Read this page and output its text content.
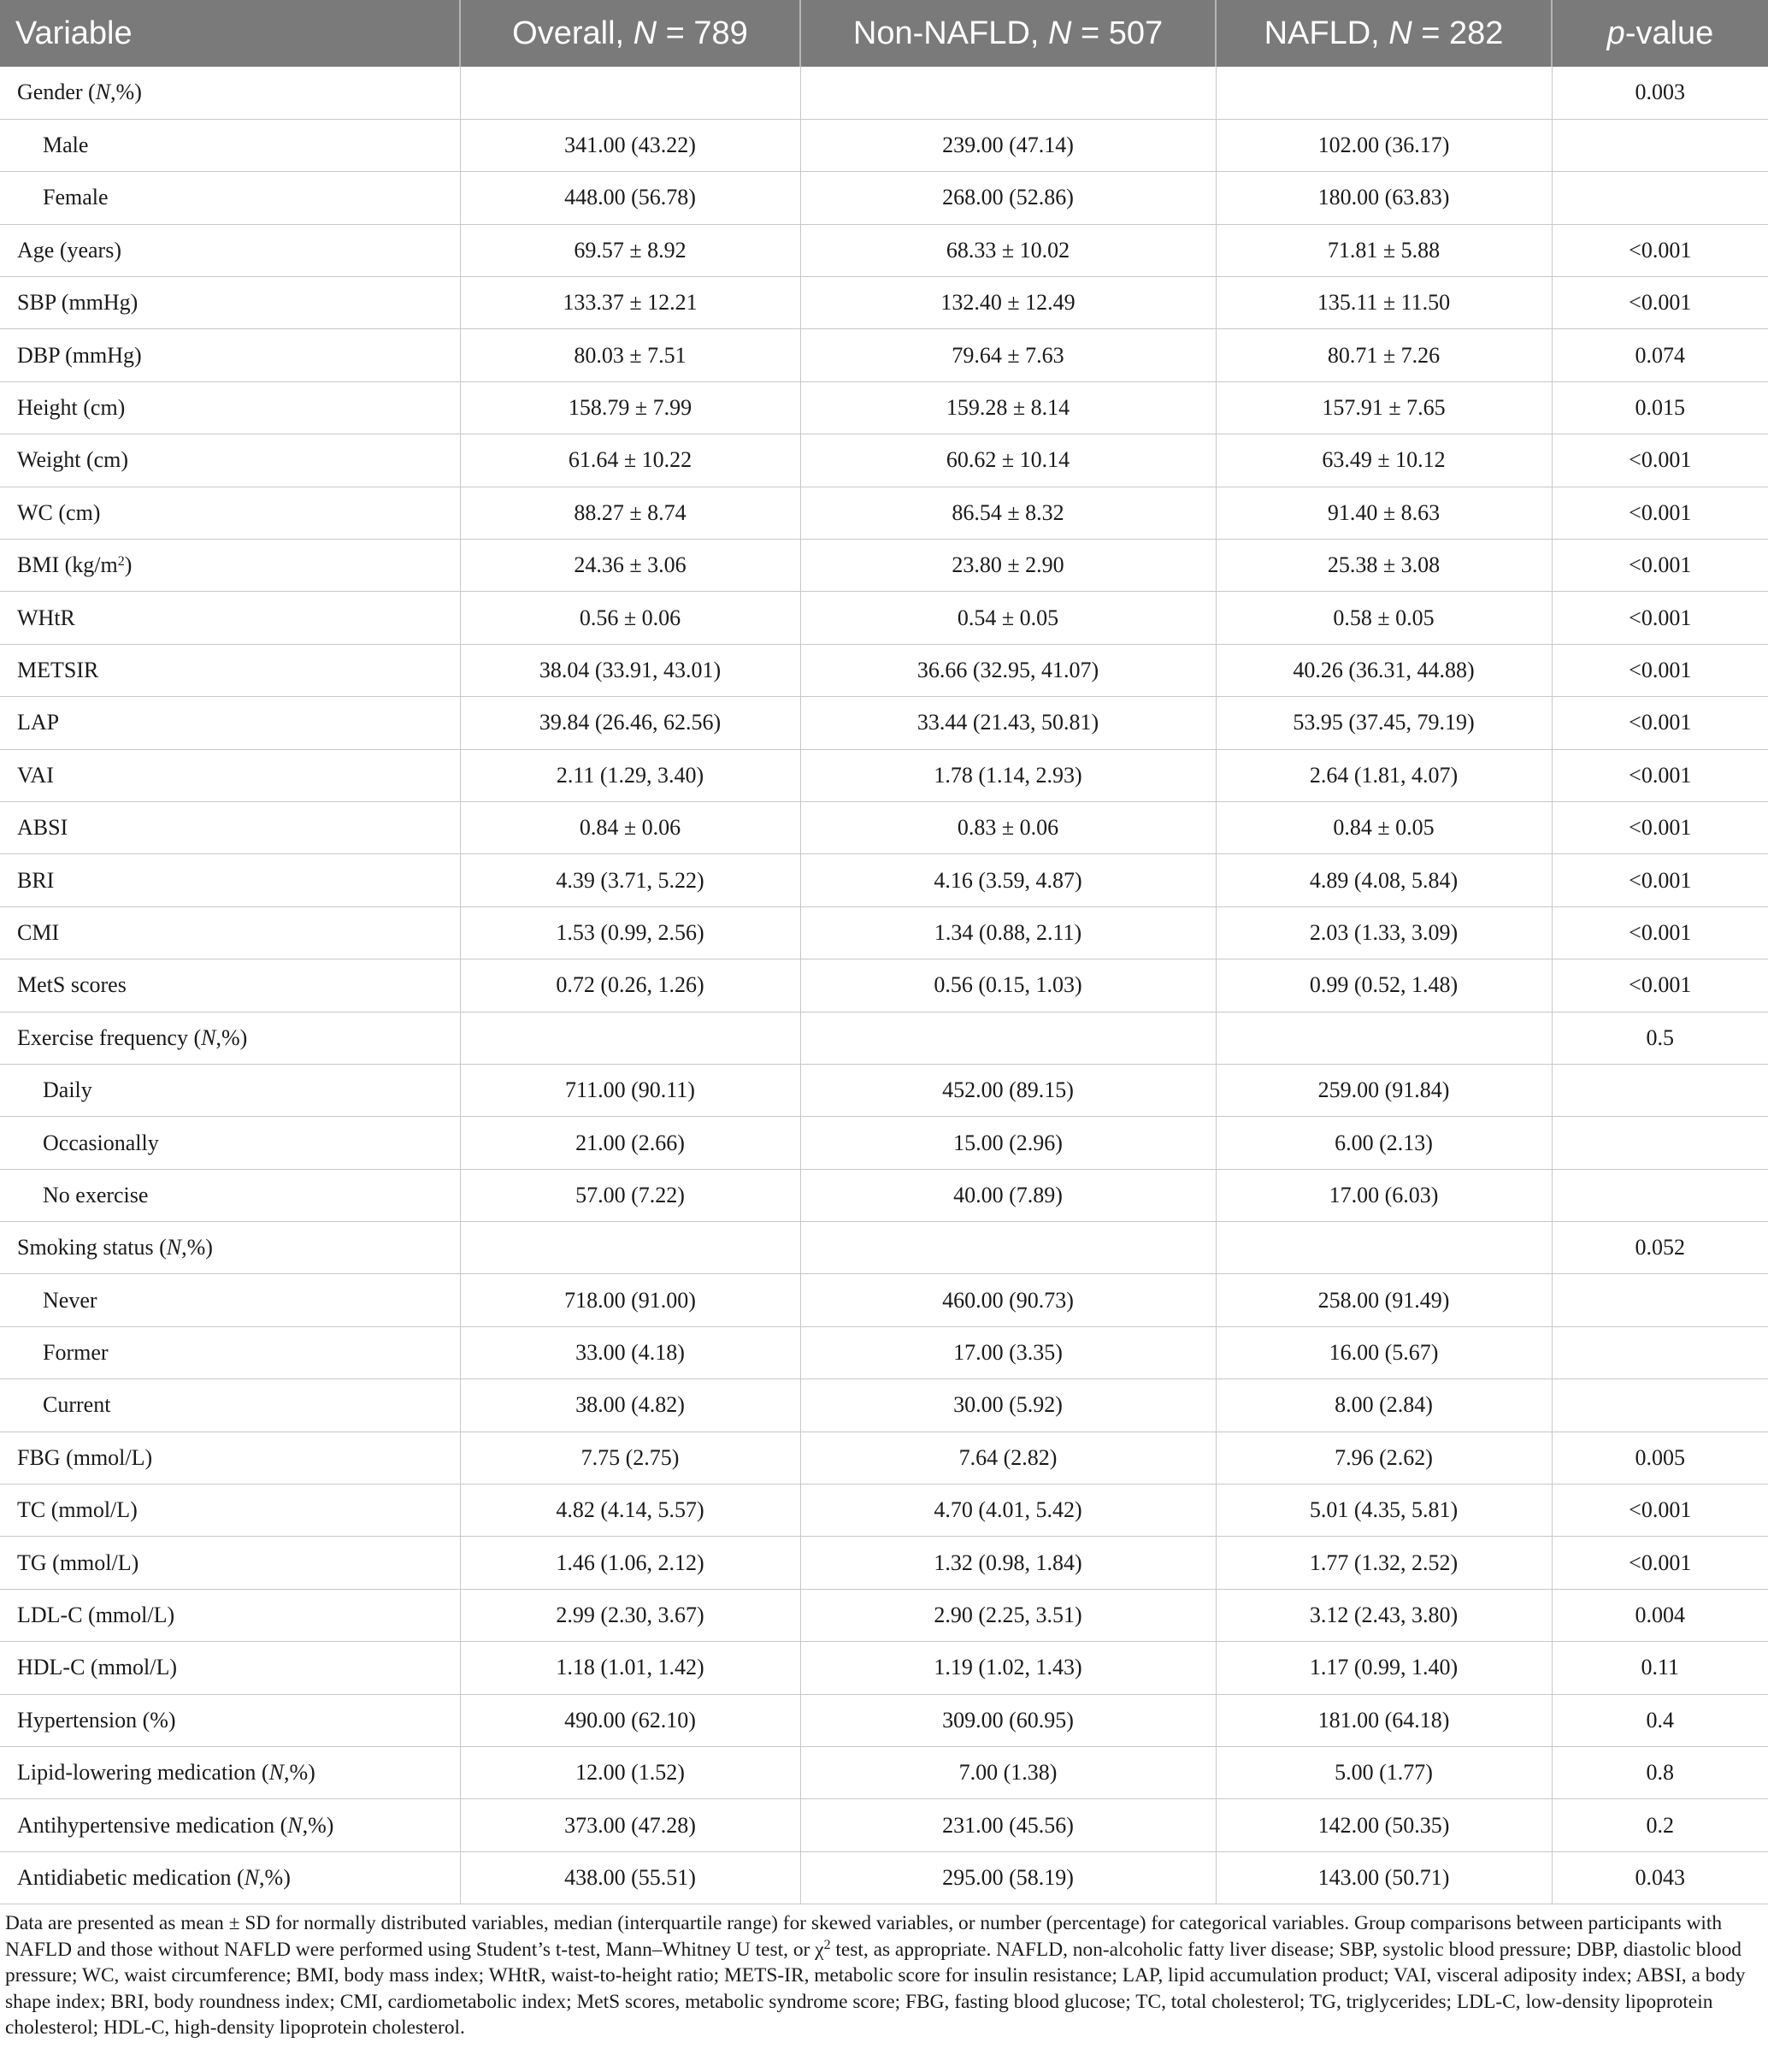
Variable	Overall, N = 789	Non-NAFLD, N = 507	NAFLD, N = 282	p-value
Gender (N,%)				0.003
Male	341.00 (43.22)	239.00 (47.14)	102.00 (36.17)	
Female	448.00 (56.78)	268.00 (52.86)	180.00 (63.83)	
Age (years)	69.57 ± 8.92	68.33 ± 10.02	71.81 ± 5.88	<0.001
SBP (mmHg)	133.37 ± 12.21	132.40 ± 12.49	135.11 ± 11.50	<0.001
DBP (mmHg)	80.03 ± 7.51	79.64 ± 7.63	80.71 ± 7.26	0.074
Height (cm)	158.79 ± 7.99	159.28 ± 8.14	157.91 ± 7.65	0.015
Weight (cm)	61.64 ± 10.22	60.62 ± 10.14	63.49 ± 10.12	<0.001
WC (cm)	88.27 ± 8.74	86.54 ± 8.32	91.40 ± 8.63	<0.001
BMI $(kg/m^2)$	24.36 ± 3.06	23.80 ± 2.90	25.38 ± 3.08	<0.001
WHtR	0.56 ± 0.06	0.54 ± 0.05	0.58 ± 0.05	<0.001
METSIR	38.04 (33.91, 43.01)	36.66 (32.95, 41.07)	40.26 (36.31, 44.88)	<0.001
LAP	39.84 (26.46, 62.56)	33.44 (21.43, 50.81)	53.95 (37.45, 79.19)	<0.001
VAI	2.11 (1.29, 3.40)	1.78 (1.14, 2.93)	2.64 (1.81, 4.07)	<0.001
ABSI	0.84 ± 0.06	0.83 ± 0.06	0.84 ± 0.05	<0.001
BRI	4.39 (3.71, 5.22)	4.16 (3.59, 4.87)	4.89 (4.08, 5.84)	<0.001
CMI	1.53 (0.99, 2.56)	1.34 (0.88, 2.11)	2.03 (1.33, 3.09)	<0.001
MetS scores	0.72 (0.26, 1.26)	0.56 (0.15, 1.03)	0.99 (0.52, 1.48)	<0.001
Exercise frequency (N,%)				0.5
Daily	711.00 (90.11)	452.00 (89.15)	259.00 (91.84)	
Occasionally	21.00 (2.66)	15.00 (2.96)	6.00 (2.13)	
No exercise	57.00 (7.22)	40.00 (7.89)	17.00 (6.03)	
Smoking status (N,%)				0.052
Never	718.00 (91.00)	460.00 (90.73)	258.00 (91.49)	
Former	33.00 (4.18)	17.00 (3.35)	16.00 (5.67)	
Current	38.00 (4.82)	30.00 (5.92)	8.00 (2.84)	
FBG (mmol/L)	7.75 (2.75)	7.64 (2.82)	7.96 (2.62)	0.005
TC (mmol/L)	4.82 (4.14, 5.57)	4.70 (4.01, 5.42)	5.01 (4.35, 5.81)	<0.001
TG (mmol/L)	1.46 (1.06, 2.12)	1.32 (0.98, 1.84)	1.77 (1.32, 2.52)	<0.001
LDL-C (mmol/L)	2.99 (2.30, 3.67)	2.90 (2.25, 3.51)	3.12 (2.43, 3.80)	0.004
HDL-C (mmol/L)	1.18 (1.01, 1.42)	1.19 (1.02, 1.43)	1.17 (0.99, 1.40)	0.11
Hypertension (%)	490.00 (62.10)	309.00 (60.95)	181.00 (64.18)	0.4
Lipid-lowering medication (N,%)	12.00 (1.52)	7.00 (1.38)	5.00 (1.77)	0.8
Antihypertensive medication (N,%)	373.00 (47.28)	231.00 (45.56)	142.00 (50.35)	0.2
Antidiabetic medication (N,%)	438.00 (55.51)	295.00 (58.19)	143.00 (50.71)	0.043
Data are presented as mean ± SD for normally distributed variables, median (interquartile range) for skewed variables, or number (percentage) for categorical variables. Group comparisons between participants with NAFLD and those without NAFLD were performed using Student’s t-test, Mann–Whitney U test, or $\chi^2$ test, as appropriate. NAFLD, non-alcoholic fatty liver disease; SBP, systolic blood pressure; DBP, diastolic blood pressure; WC, waist circumference; BMI, body mass index; WHtR, waist-to-height ratio; METS-IR, metabolic score for insulin resistance; LAP, lipid accumulation product; VAI, visceral adiposity index; ABSI, a body shape index; BRI, body roundness index; CMI, cardiometabolic index; MetS scores, metabolic syndrome score; FBG, fasting blood glucose; TC, total cholesterol; TG, triglycerides; LDL-C, low-density lipoprotein cholesterol; HDL-C, high-density lipoprotein cholesterol.
